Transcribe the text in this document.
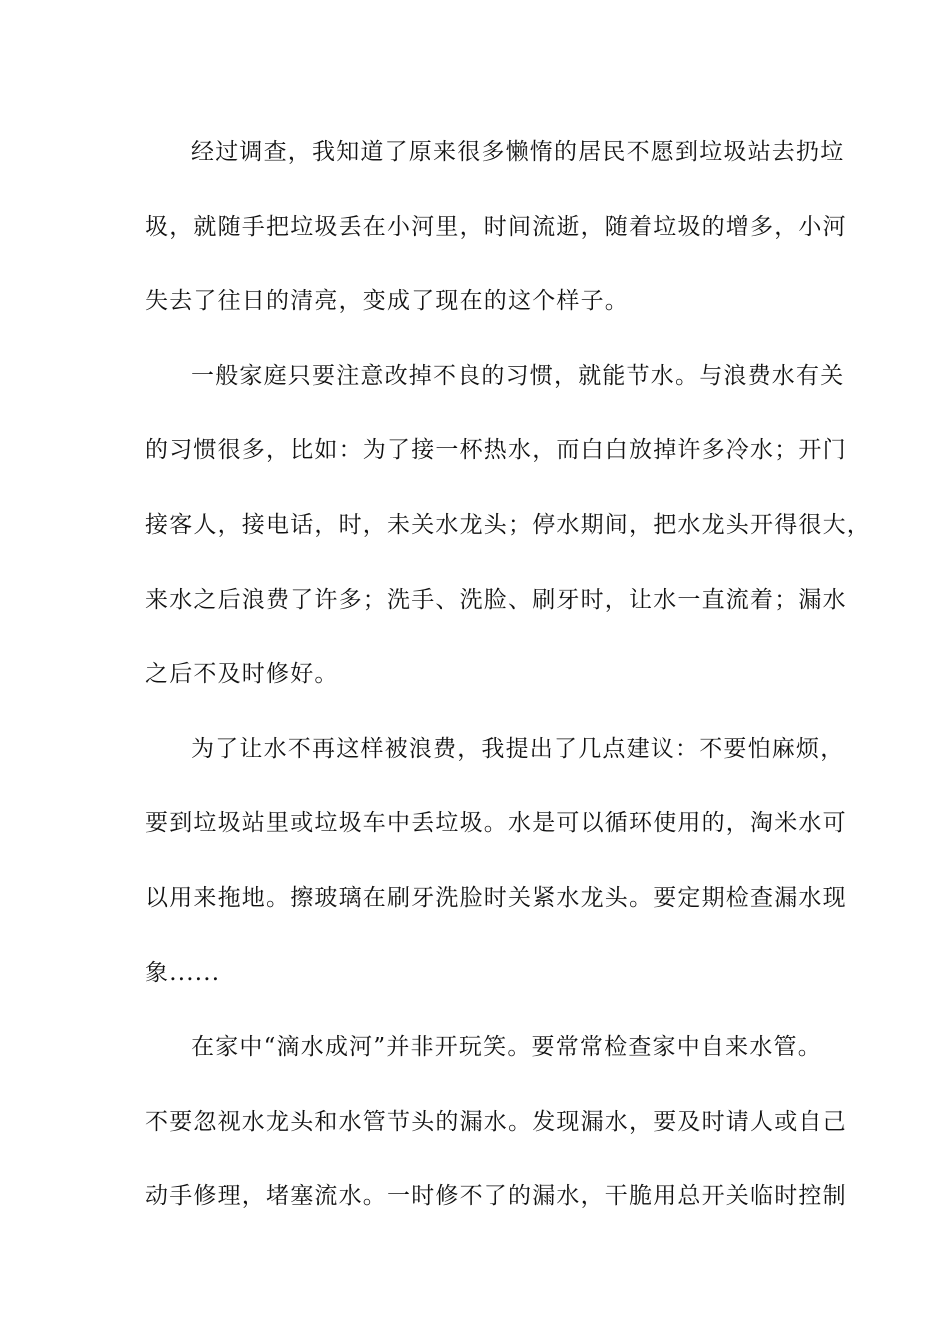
经过调查，我知道了原来很多懒惰的居民不愿到垃圾站去扔垃
圾，就随手把垃圾丢在小河里，时间流逝，随着垃圾的增多，小河
失去了往日的清亮，变成了现在的这个样子。
一般家庭只要注意改掉不良的习惯，就能节水。与浪费水有关
的习惯很多，比如：为了接一杯热水，而白白放掉许多冷水；开门
接客人，接电话，时，未关水龙头；停水期间，把水龙头开得很大，
来水之后浪费了许多；洗手、洗脸、刷牙时，让水一直流着；漏水
之后不及时修好。
为了让水不再这样被浪费，我提出了几点建议：不要怕麻烦，
要到垃圾站里或垃圾车中丢垃圾。水是可以循环使用的，淘米水可
以用来拖地。擦玻璃在刷牙洗脸时关紧水龙头。要定期检查漏水现
象......
在家中“滴水成河”并非开玩笑。要常常检查家中自来水管。
不要忽视水龙头和水管节头的漏水。发现漏水，要及时请人或自己
动手修理，堵塞流水。一时修不了的漏水，干脆用总开关临时控制
